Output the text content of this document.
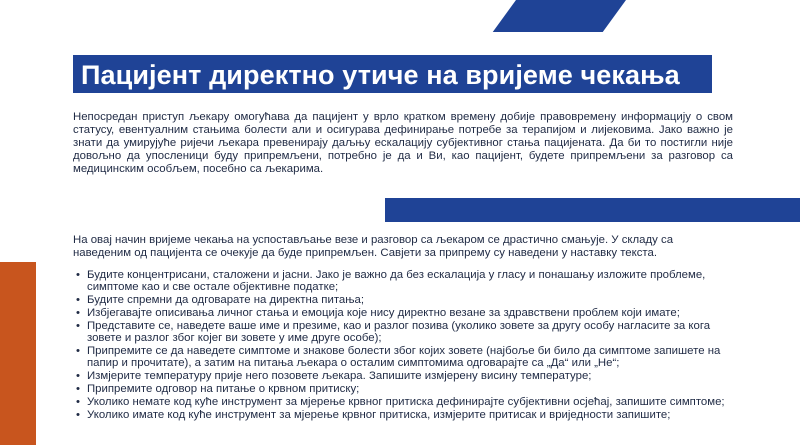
Пацијент директно утиче на вријеме чекања

Непосредан приступ љекару омогућава да пацијент у врло кратком времену добије правовремену информацију о свом статусу, евентуалним стањима болести али и осигурава дефинирање потребе за терапијом и лијековима. Јако важно је знати да умирујуће ријечи љекара превенирају даљњу ескалацију субјективног стања пацијената. Да би то постигли није довољно да упосленици буду припремљени, потребно је да и Ви, као пацијент, будете припремљени за разговор са медицинским особљем, посебно са љекарима.

На овај начин вријеме чекања на успостављање везе и разговор са љекаром се драстично смањује. У складу са наведеним од пацијента се очекује да буде припремљен. Савјети за припрему су наведени у наставку текста.

• Будите концентрисани, сталожени и јасни. Јако је важно да без ескалација у гласу и понашању изложите проблеме, симптоме као и све остале објективне податке;
• Будите спремни да одговарате на директна питања;
• Избјегавајте описивања личног стања и емоција које нису директно везане за здравствени проблем који имате;
• Представите се, наведете ваше име и презиме, као и разлог позива (уколико зовете за другу особу нагласите за кога зовете и разлог због којег ви зовете у име друге особе);
• Припремите се да наведете симптоме и знакове болести због којих зовете (најбоље би било да симптоме запишете на папир и прочитате), а затим на питања љекара о осталим симптомима одговарајте са „Да“ или „Не“;
• Измјерите температуру прије него позовете љекара. Запишите измјерену висину температуре;
• Припремите одговор на питање о крвном притиску;
• Уколико немате код куће инструмент за мјерење крвног притиска дефинирајте субјективни осјећај, запишите симптоме;
• Уколико имате код куће инструмент за мјерење крвног притиска, измјерите притисак и вриједности запишите;
